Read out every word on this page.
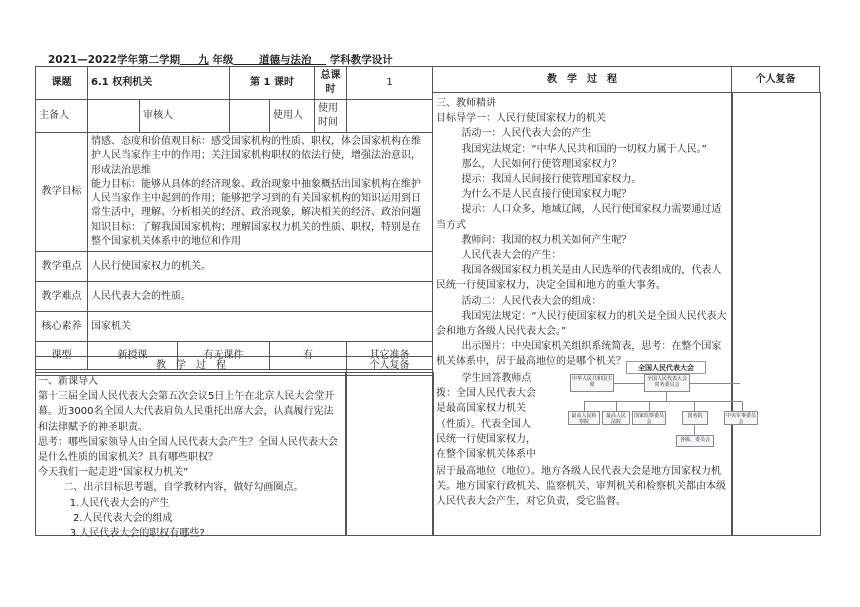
2021—2022学年第二学期 九 年级 道德与法治 学科教学设计
课题	6.1 权利机关			第 1 课时		总课时	1
主备人		审核人			使用人	使用时间	
教学目标	情感、态度和价值观目标：感受国家机构的性质、职权，体会国家机构在维护人民当家作主中的作用；关注国家机构职权的依法行使，增强法治意识，形成法治思维
能力目标：能够从具体的经济现象、政治现象中抽象概括出国家机构在维护人民当家作主中起到的作用；能够把学习到的有关国家机构的知识运用到日常生活中，理解、分析相关的经济、政治现象，解决相关的经济、政治问题
知识目标：了解我国国家机构；理解国家权力机关的性质、职权，特别是在整个国家机关体系中的地位和作用						
教学重点	人民行使国家权力的机关。						
教学难点	人民代表大会的性质。						
核心素养	国家机关						
课型	新授课		有无课件		有		其它准备
教　学　过　程	个人复备
一、新课导入
第十三届全国人民代表大会第五次会议5日上午在北京人民大会堂开幕。近3000名全国人大代表肩负人民重托出席大会，认真履行宪法和法律赋予的神圣职责。
思考：哪些国家领导人由全国人民代表大会产生？全国人民代表大会是什么性质的国家机关？具有哪些职权？
今天我们一起走进“国家权力机关”
二、出示目标思考题，自学教材内容，做好勾画圈点。
1.人民代表大会的产生
2.人民代表大会的组成
3.人民代表大会的职权有哪些?
教　学　过　程	个人复备
三、教师精讲
目标导学一：人民行使国家权力的机关
活动一：人民代表大会的产生
我国宪法规定：“中华人民共和国的一切权力属于人民。”
那么，人民如何行使管理国家权力？
提示：我国人民间接行使管理国家权力。
为什么不是人民直接行使国家权力呢？
提示：人口众多，地域辽阔，人民行使国家权力需要通过适当方式
教师问：我国的权力机关如何产生呢？
人民代表大会的产生：
我国各级国家权力机关是由人民选举的代表组成的，代表人民统一行使国家权力，决定全国和地方的重大事务。
活动二：人民代表大会的组成：
我国宪法规定：“人民行使国家权力的机关是全国人民代表大会和地方各级人民代表大会。”
出示图片：中央国家机关组织系统简表，思考：在整个国家机关体系中，居于最高地位的是哪个机关？
学生回答教师点拨：全国人民代表大会是最高国家权力机关（性质）。代表全国人民统一行使国家权力，在整个国家机关体系中
居于最高地位（地位）。地方各级人民代表大会是地方国家权力机关。地方国家行政机关、监察机关、审判机关和检察机关都由本级人民代表大会产生，对它负责，受它监督。
全国人民代表大会
中华人民共和国主席
全国人民代表大会常务委员会
最高人民检察院
最高人民法院
国家监察委员会
国务院	中央军事委员会
各级、委员会
